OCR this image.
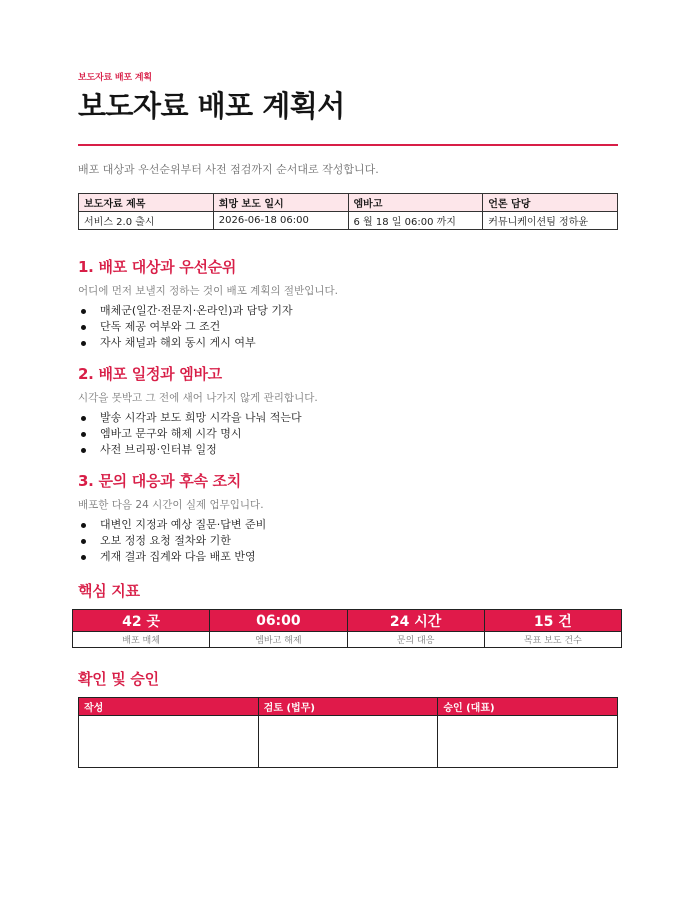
보도자료 배포 계획
보도자료 배포 계획서
배포 대상과 우선순위부터 사전 점검까지 순서대로 작성합니다.
보도자료 제목	희망 보도 일시	엠바고	언론 담당
서비스 2.0 출시	2026-06-18 06:00	6 월 18 일 06:00 까지	커뮤니케이션팀 정하윤
1. 배포 대상과 우선순위
어디에 먼저 보낼지 정하는 것이 배포 계획의 절반입니다.
매체군(일간·전문지·온라인)과 담당 기자
단독 제공 여부와 그 조건
자사 채널과 해외 동시 게시 여부
2. 배포 일정과 엠바고
시각을 못박고 그 전에 새어 나가지 않게 관리합니다.
발송 시각과 보도 희망 시각을 나눠 적는다
엠바고 문구와 해제 시각 명시
사전 브리핑·인터뷰 일정
3. 문의 대응과 후속 조치
배포한 다음 24 시간이 실제 업무입니다.
대변인 지정과 예상 질문·답변 준비
오보 정정 요청 절차와 기한
게재 결과 집계와 다음 배포 반영
핵심 지표
42 곳	06:00	24 시간	15 건
배포 매체	엠바고 해제	문의 대응	목표 보도 건수
확인 및 승인
작성	검토 (법무)	승인 (대표)
